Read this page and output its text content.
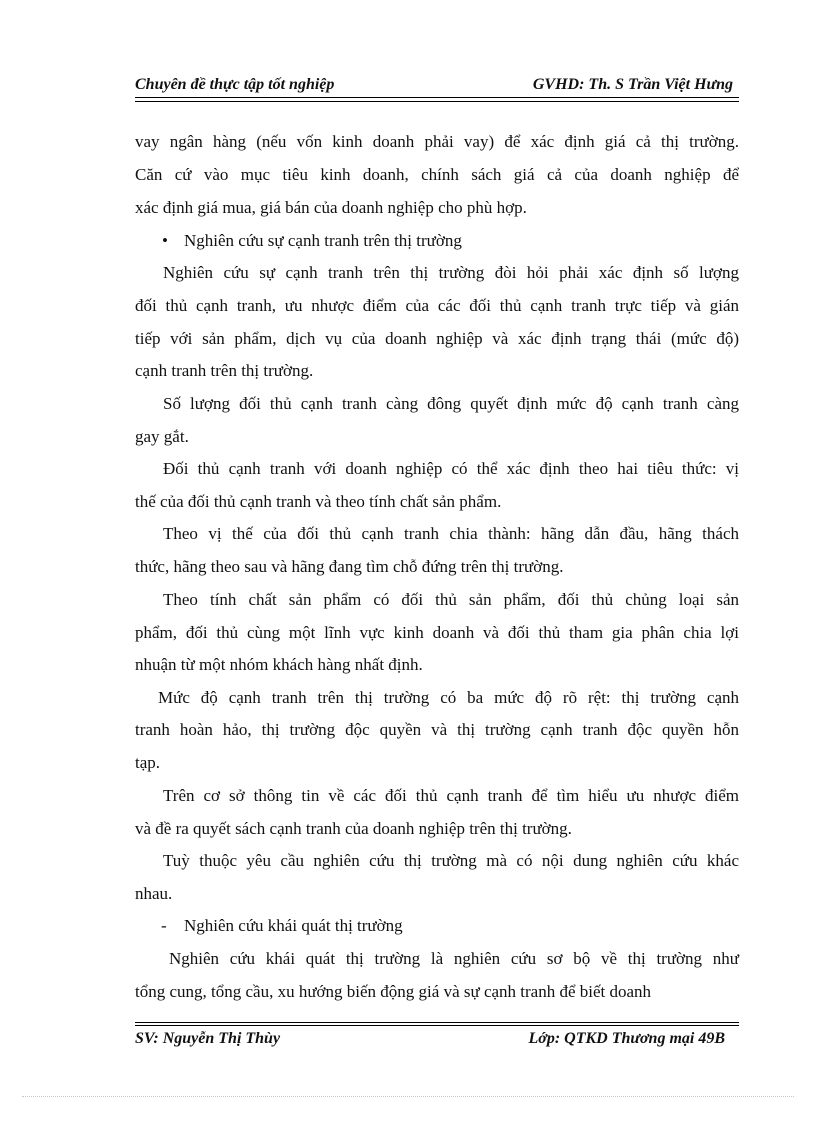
Chuyên đề thực tập tốt nghiệp	GVHD: Th. S Trần Việt Hưng
vay ngân hàng (nếu vốn kinh doanh phải vay) để xác định giá cả thị trường.
Căn cứ vào mục tiêu kinh doanh, chính sách giá cả của doanh nghiệp để
xác định giá mua, giá bán của doanh nghiệp cho phù hợp.
• Nghiên cứu sự cạnh tranh trên thị trường
Nghiên cứu sự cạnh tranh trên thị trường đòi hỏi phải xác định số lượng
đối thủ cạnh tranh, ưu nhược điểm của các đối thủ cạnh tranh trực tiếp và gián
tiếp với sản phẩm, dịch vụ của doanh nghiệp và xác định trạng thái (mức độ)
cạnh tranh trên thị trường.
Số lượng đối thủ cạnh tranh càng đông quyết định mức độ cạnh tranh càng
gay gắt.
Đối thủ cạnh tranh với doanh nghiệp có thể xác định theo hai tiêu thức: vị
thế của đối thủ cạnh tranh và theo tính chất sản phẩm.
Theo vị thế của đối thủ cạnh tranh chia thành: hãng dẫn đầu, hãng thách
thức, hãng theo sau và hãng đang tìm chỗ đứng trên thị trường.
Theo tính chất sản phẩm có đối thủ sản phẩm, đối thủ chủng loại sản
phẩm, đối thủ cùng một lĩnh vực kinh doanh và đối thủ tham gia phân chia lợi
nhuận từ một nhóm khách hàng nhất định.
Mức độ cạnh tranh trên thị trường có ba mức độ rõ rệt: thị trường cạnh
tranh hoàn hảo, thị trường độc quyền và thị trường cạnh tranh độc quyền hỗn
tạp.
Trên cơ sở thông tin về các đối thủ cạnh tranh để tìm hiểu ưu nhược điểm
và đề ra quyết sách cạnh tranh của doanh nghiệp trên thị trường.
Tuỳ thuộc yêu cầu nghiên cứu thị trường mà có nội dung nghiên cứu khác
nhau.
- Nghiên cứu khái quát thị trường
Nghiên cứu khái quát thị trường là nghiên cứu sơ bộ về thị trường như
tổng cung, tổng cầu, xu hướng biến động giá và sự cạnh tranh để biết doanh
SV: Nguyễn Thị Thùy	Lớp: QTKD Thương mại 49B
